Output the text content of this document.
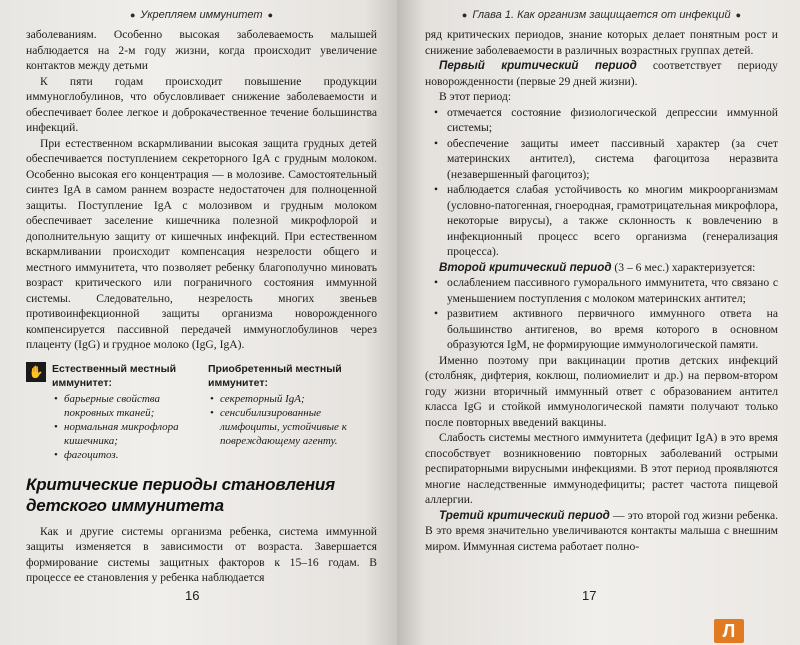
● Укрепляем иммунитет ●

заболеваниям. Особенно высокая заболеваемость малышей наблюдается на 2-м году жизни, когда происходит увеличение контактов между детьми

К пяти годам происходит повышение продукции иммуноглобулинов, что обусловливает снижение заболеваемости и обеспечивает более легкое и доброкачественное течение большинства инфекций.

При естественном вскармливании высокая защита грудных детей обеспечивается поступлением секреторного IgA с грудным молоком. Особенно высокая его концентрация — в молозиве. Самостоятельный синтез IgA в самом раннем возрасте недостаточен для полноценной защиты. Поступление IgA с молозивом и грудным молоком обеспечивает заселение кишечника полезной микрофлорой и дополнительную защиту от кишечных инфекций. При естественном вскармливании происходит компенсация незрелости общего и местного иммунитета, что позволяет ребенку благополучно миновать возраст критического или пограничного состояния иммунной системы. Следовательно, незрелость многих звеньев противоинфекционной защиты организма новорожденного компенсируется пассивной передачей иммуноглобулинов через плаценту (IgG) и грудное молоко (IgG, IgA).

✋ Естественный местный иммунитет:
• барьерные свойства покровных тканей;
• нормальная микрофлора кишечника;
• фагоцитоз.
Приобретенный местный иммунитет:
• секреторный IgA;
• сенсибилизированные лимфоциты, устойчивые к повреждающему агенту.
Критические периоды становления детского иммунитета

Как и другие системы организма ребенка, система иммунной защиты изменяется в зависимости от возраста. Завершается формирование системы защитных факторов к 15–16 годам. В процессе ее становления у ребенка наблюдается

16
● Глава 1. Как организм защищается от инфекций ●

ряд критических периодов, знание которых делает понятным рост и снижение заболеваемости в различных возрастных группах детей.

Первый критический период соответствует периоду новорожденности (первые 29 дней жизни).

В этот период:

• отмечается состояние физиологической депрессии иммунной системы;
• обеспечение защиты имеет пассивный характер (за счет материнских антител), система фагоцитоза неразвита (незавершенный фагоцитоз);
• наблюдается слабая устойчивость ко многим микроорганизмам (условно-патогенная, гноеродная, грамотрицательная микрофлора, некоторые вирусы), а также склонность к вовлечению в инфекционный процесс всего организма (генерализация процесса).

Второй критический период (3 – 6 мес.) характеризуется:

• ослаблением пассивного гуморального иммунитета, что связано с уменьшением поступления с молоком материнских антител;
• развитием активного первичного иммунного ответа на большинство антигенов, во время которого в основном образуются IgM, не формирующие иммунологической памяти.

Именно поэтому при вакцинации против детских инфекций (столбняк, дифтерия, коклюш, полиомиелит и др.) на первом-втором году жизни вторичный иммунный ответ с образованием антител класса IgG и стойкой иммунологической памяти получают только после повторных введений вакцины.

Слабость системы местного иммунитета (дефицит IgA) в это время способствует возникновению повторных заболеваний острыми респираторными вирусными инфекциями. В этот период проявляются многие наследственные иммунодефициты; растет частота пищевой аллергии.

Третий критический период — это второй год жизни ребенка. В это время значительно увеличиваются контакты малыша с внешним миром. Иммунная система работает полно-

17
Л
